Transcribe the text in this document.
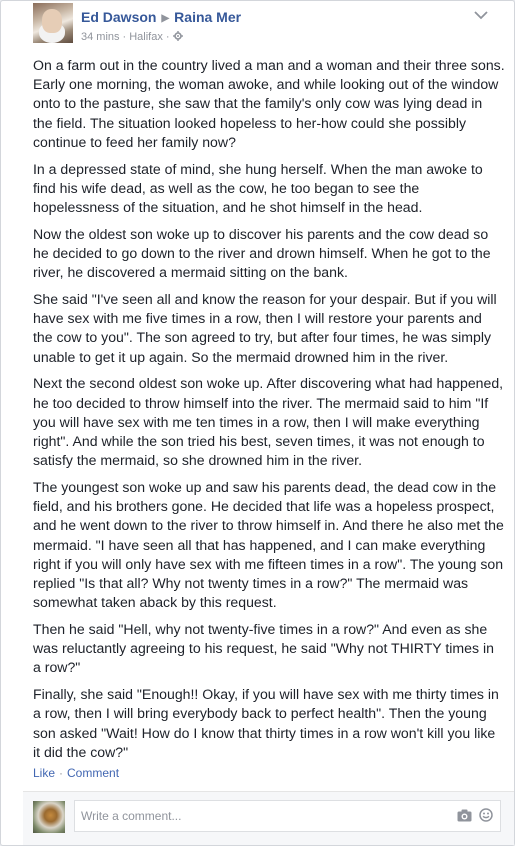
Ed Dawson ▶ Raina Mer
34 mins · Halifax ·

On a farm out in the country lived a man and a woman and their three sons. Early one morning, the woman awoke, and while looking out of the window onto to the pasture, she saw that the family's only cow was lying dead in the field. The situation looked hopeless to her-how could she possibly continue to feed her family now?

In a depressed state of mind, she hung herself. When the man awoke to find his wife dead, as well as the cow, he too began to see the hopelessness of the situation, and he shot himself in the head.

Now the oldest son woke up to discover his parents and the cow dead so he decided to go down to the river and drown himself. When he got to the river, he discovered a mermaid sitting on the bank.

She said "I've seen all and know the reason for your despair. But if you will have sex with me five times in a row, then I will restore your parents and the cow to you". The son agreed to try, but after four times, he was simply unable to get it up again. So the mermaid drowned him in the river.

Next the second oldest son woke up. After discovering what had happened, he too decided to throw himself into the river. The mermaid said to him "If you will have sex with me ten times in a row, then I will make everything right". And while the son tried his best, seven times, it was not enough to satisfy the mermaid, so she drowned him in the river.

The youngest son woke up and saw his parents dead, the dead cow in the field, and his brothers gone. He decided that life was a hopeless prospect, and he went down to the river to throw himself in. And there he also met the mermaid. "I have seen all that has happened, and I can make everything right if you will only have sex with me fifteen times in a row". The young son replied "Is that all? Why not twenty times in a row?" The mermaid was somewhat taken aback by this request.

Then he said "Hell, why not twenty-five times in a row?" And even as she was reluctantly agreeing to his request, he said "Why not THIRTY times in a row?"

Finally, she said "Enough!! Okay, if you will have sex with me thirty times in a row, then I will bring everybody back to perfect health". Then the young son asked "Wait! How do I know that thirty times in a row won't kill you like it did the cow?"

Like · Comment
Write a comment...
